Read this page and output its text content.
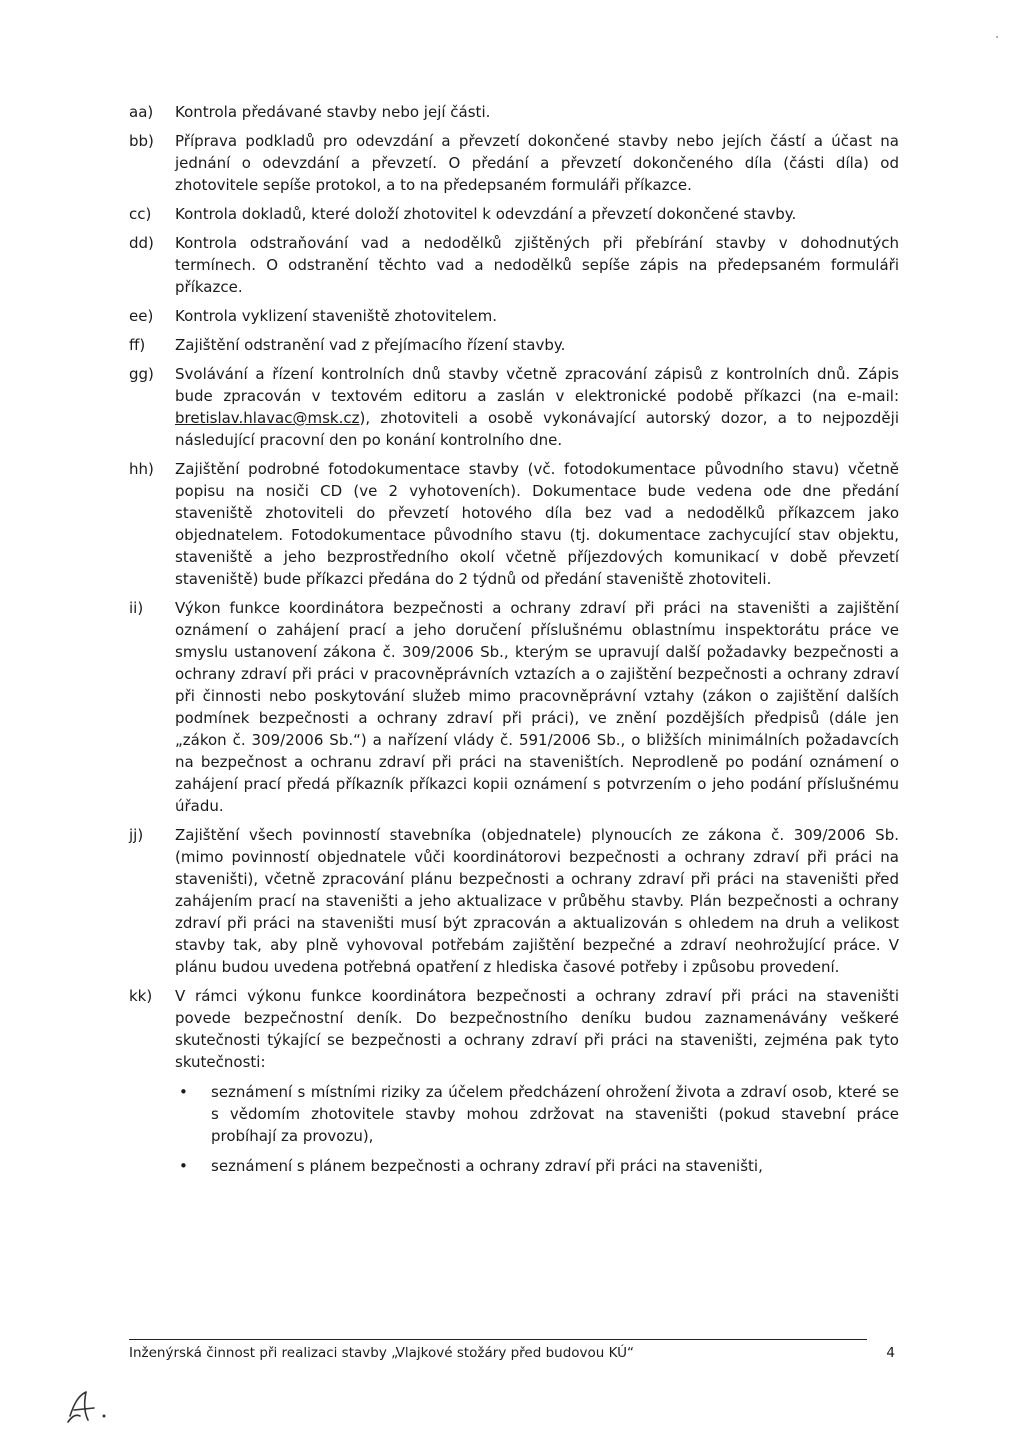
aa)	Kontrola předávané stavby nebo její části.
bb)	Příprava podkladů pro odevzdání a převzetí dokončené stavby nebo jejích částí a účast na jednání o odevzdání a převzetí. O předání a převzetí dokončeného díla (části díla) od zhotovitele sepíše protokol, a to na předepsaném formuláři příkazce.
cc)	Kontrola dokladů, které doloží zhotovitel k odevzdání a převzetí dokončené stavby.
dd)	Kontrola odstraňování vad a nedodělků zjištěných při přebírání stavby v dohodnutých termínech. O odstranění těchto vad a nedodělků sepíše zápis na předepsaném formuláři příkazce.
ee)	Kontrola vyklizení staveniště zhotovitelem.
ff)	Zajištění odstranění vad z přejímacího řízení stavby.
gg)	Svolávání a řízení kontrolních dnů stavby včetně zpracování zápisů z kontrolních dnů. Zápis bude zpracován v textovém editoru a zaslán v elektronické podobě příkazci (na e-mail: bretislav.hlavac@msk.cz), zhotoviteli a osobě vykonávající autorský dozor, a to nejpozději následující pracovní den po konání kontrolního dne.
hh)	Zajištění podrobné fotodokumentace stavby (vč. fotodokumentace původního stavu) včetně popisu na nosiči CD (ve 2 vyhotoveních). Dokumentace bude vedena ode dne předání staveniště zhotoviteli do převzetí hotového díla bez vad a nedodělků příkazcem jako objednatelem. Fotodokumentace původního stavu (tj. dokumentace zachycující stav objektu, staveniště a jeho bezprostředního okolí včetně příjezdových komunikací v době převzetí staveniště) bude příkazci předána do 2 týdnů od předání staveniště zhotoviteli.
ii)	Výkon funkce koordinátora bezpečnosti a ochrany zdraví při práci na staveništi a zajištění oznámení o zahájení prací a jeho doručení příslušnému oblastnímu inspektorátu práce ve smyslu ustanovení zákona č. 309/2006 Sb., kterým se upravují další požadavky bezpečnosti a ochrany zdraví při práci v pracovněprávních vztazích a o zajištění bezpečnosti a ochrany zdraví při činnosti nebo poskytování služeb mimo pracovněprávní vztahy (zákon o zajištění dalších podmínek bezpečnosti a ochrany zdraví při práci), ve znění pozdějších předpisů (dále jen „zákon č. 309/2006 Sb.“) a nařízení vlády č. 591/2006 Sb., o bližších minimálních požadavcích na bezpečnost a ochranu zdraví při práci na staveništích. Neprodleně po podání oznámení o zahájení prací předá příkazník příkazci kopii oznámení s potvrzením o jeho podání příslušnému úřadu.
jj)	Zajištění všech povinností stavebníka (objednatele) plynoucích ze zákona č. 309/2006 Sb. (mimo povinností objednatele vůči koordinátorovi bezpečnosti a ochrany zdraví při práci na staveništi), včetně zpracování plánu bezpečnosti a ochrany zdraví při práci na staveništi před zahájením prací na staveništi a jeho aktualizace v průběhu stavby. Plán bezpečnosti a ochrany zdraví při práci na staveništi musí být zpracován a aktualizován s ohledem na druh a velikost stavby tak, aby plně vyhovoval potřebám zajištění bezpečné a zdraví neohrožující práce. V plánu budou uvedena potřebná opatření z hlediska časové potřeby i způsobu provedení.
kk)	V rámci výkonu funkce koordinátora bezpečnosti a ochrany zdraví při práci na staveništi povede bezpečnostní deník. Do bezpečnostního deníku budou zaznamenávány veškeré skutečnosti týkající se bezpečnosti a ochrany zdraví při práci na staveništi, zejména pak tyto skutečnosti:
•	seznámení s místními riziky za účelem předcházení ohrožení života a zdraví osob, které se s vědomím zhotovitele stavby mohou zdržovat na staveništi (pokud stavební práce probíhají za provozu),
•	seznámení s plánem bezpečnosti a ochrany zdraví při práci na staveništi,
Inženýrská činnost při realizaci stavby „Vlajkové stožáry před budovou KÚ“	4
